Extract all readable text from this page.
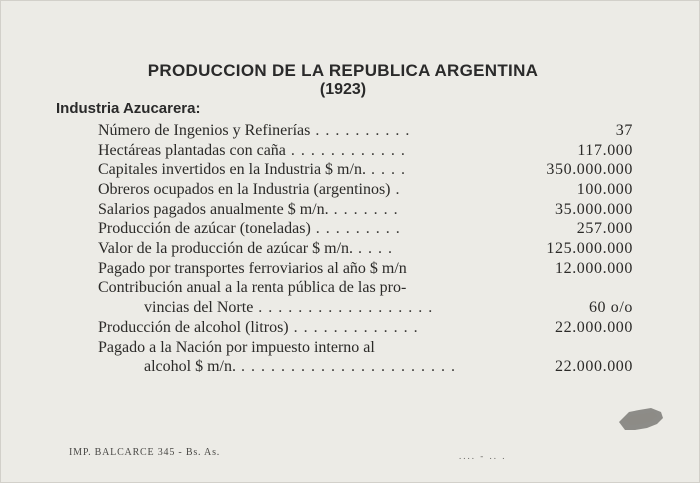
PRODUCCION DE LA REPUBLICA ARGENTINA
(1923)
Industria Azucarera:
Número de Ingenios y Refinerías . . . . . . . . . .	37
Hectáreas plantadas con caña . . . . . . . . . . . .	117.000
Capitales invertidos en la Industria $ m/n. . . . .	350.000.000
Obreros ocupados en la Industria (argentinos) .	100.000
Salarios pagados anualmente $ m/n. . . . . . . .	35.000.000
Producción de azúcar (toneladas) . . . . . . . . .	257.000
Valor de la producción de azúcar $ m/n. . . . .	125.000.000
Pagado por transportes ferroviarios al año $ m/n	12.000.000
Contribución anual a la renta pública de las pro-
vincias del Norte . . . . . . . . . . . . . . . . . .	60 o/o
Producción de alcohol (litros) . . . . . . . . . . . . .	22.000.000
Pagado a la Nación por impuesto interno al
alcohol $ m/n. . . . . . . . . . . . . . . . . . . . . . .	22.000.000
IMP. BALCARCE 345 - Bs. As.	.... - .. .
